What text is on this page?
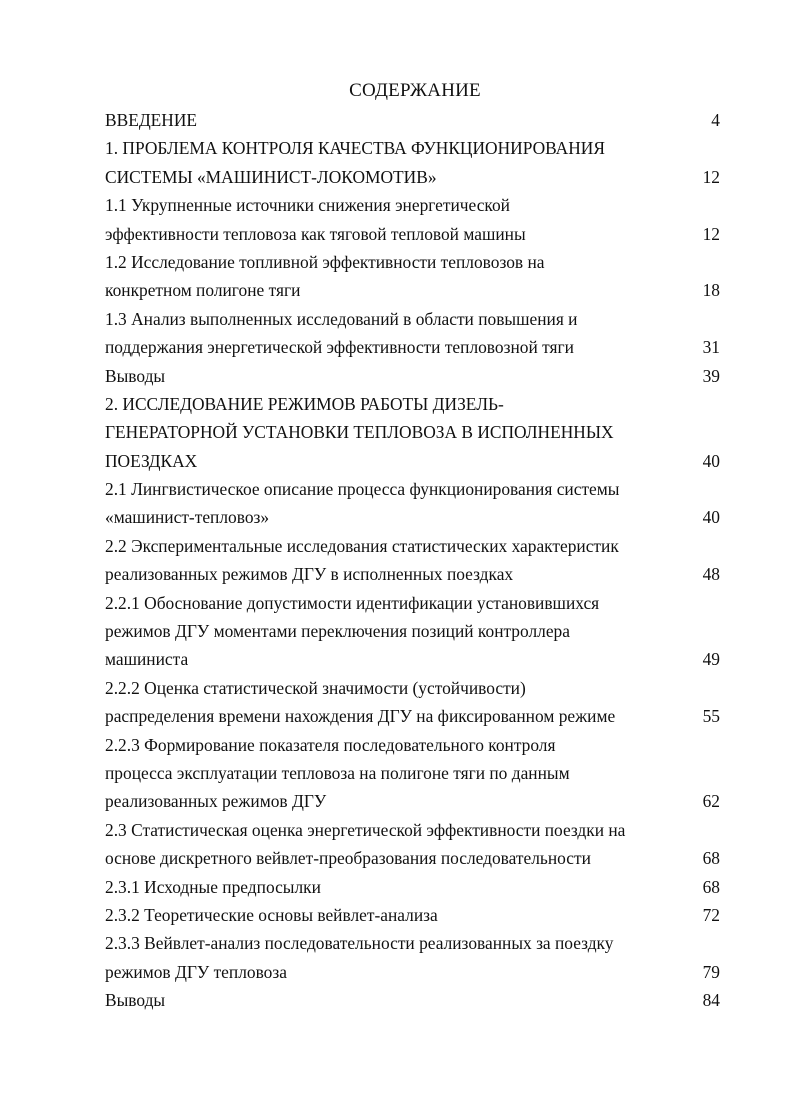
СОДЕРЖАНИЕ
ВВЕДЕНИЕ	4
1. ПРОБЛЕМА КОНТРОЛЯ КАЧЕСТВА ФУНКЦИОНИРОВАНИЯ
СИСТЕМЫ «МАШИНИСТ-ЛОКОМОТИВ»	12
1.1 Укрупненные источники снижения энергетической
эффективности тепловоза как тяговой тепловой машины	12
1.2 Исследование топливной эффективности тепловозов на
конкретном полигоне тяги	18
1.3 Анализ выполненных исследований в области повышения и
поддержания энергетической эффективности тепловозной тяги	31
Выводы	39
2. ИССЛЕДОВАНИЕ РЕЖИМОВ РАБОТЫ ДИЗЕЛЬ-
ГЕНЕРАТОРНОЙ УСТАНОВКИ ТЕПЛОВОЗА В ИСПОЛНЕННЫХ
ПОЕЗДКАХ	40
2.1 Лингвистическое описание процесса функционирования системы
«машинист-тепловоз»	40
2.2 Экспериментальные исследования статистических характеристик
реализованных режимов ДГУ в исполненных поездках	48
2.2.1 Обоснование допустимости идентификации установившихся
режимов ДГУ моментами переключения позиций контроллера
машиниста	49
2.2.2 Оценка статистической значимости (устойчивости)
распределения времени нахождения ДГУ на фиксированном режиме	55
2.2.3 Формирование показателя последовательного контроля
процесса эксплуатации тепловоза на полигоне тяги по данным
реализованных режимов ДГУ	62
2.3 Статистическая оценка энергетической эффективности поездки на
основе дискретного вейвлет-преобразования последовательности	68
2.3.1 Исходные предпосылки	68
2.3.2 Теоретические основы вейвлет-анализа	72
2.3.3 Вейвлет-анализ последовательности реализованных за поездку
режимов ДГУ тепловоза	79
Выводы	84
